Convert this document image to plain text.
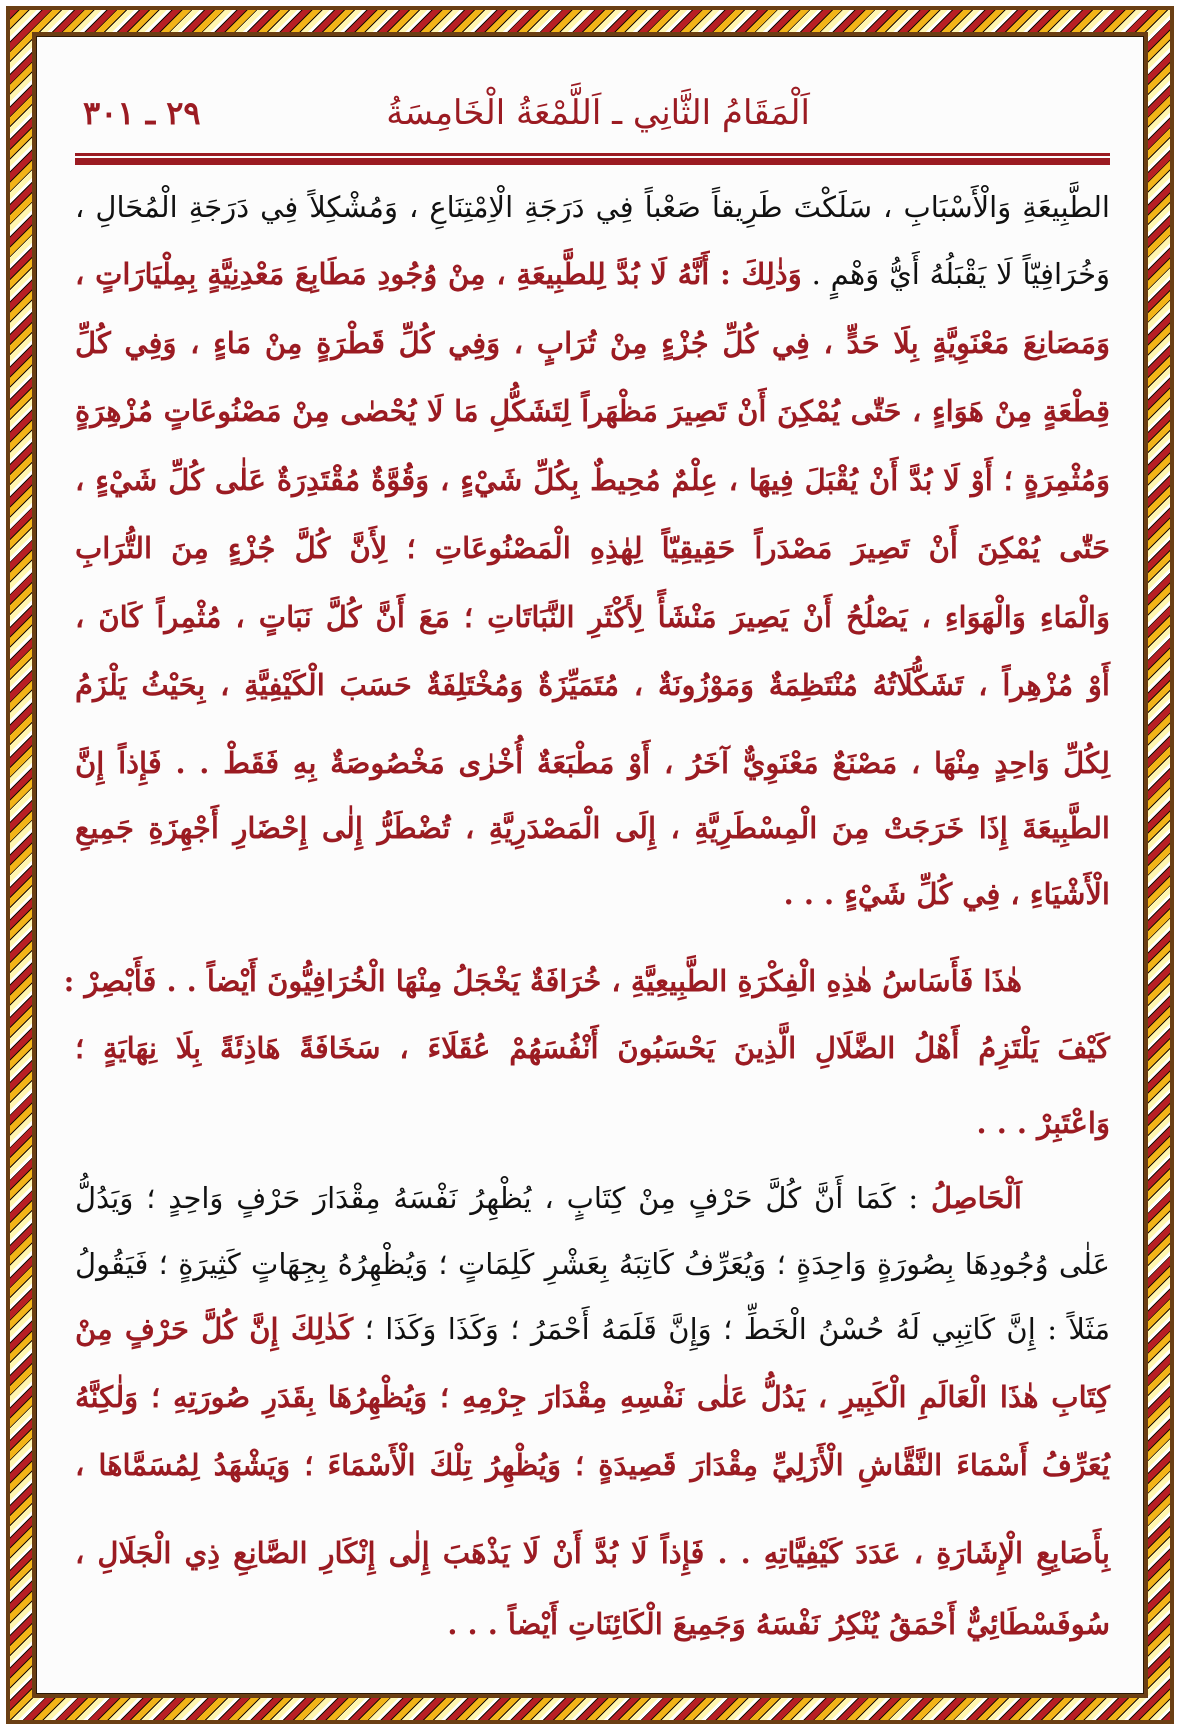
اَلْمَقَامُ الثَّانِي ـ اَللَّمْعَةُ الْخَامِسَةُ
٢٩ ـ ٣٠١
الطَّبِيعَةِ وَالْأَسْبَابِ ، سَلَكْتَ طَرِيقاً صَعْباً فِي دَرَجَةِ الْاِمْتِنَاعِ ، وَمُشْكِلاً فِي دَرَجَةِ الْمُحَالِ ،
وَخُرَافِيّاً لَا يَقْبَلُهُ أَيُّ وَهْمٍ . وَذٰلِكَ : أَنَّهُ لَا بُدَّ لِلطَّبِيعَةِ ، مِنْ وُجُودِ مَطَابِعَ مَعْدِنِيَّةٍ بِمِلْيَارَاتٍ ،
وَمَصَانِعَ مَعْنَوِيَّةٍ بِلَا حَدٍّ ، فِي كُلِّ جُزْءٍ مِنْ تُرَابٍ ، وَفِي كُلِّ قَطْرَةٍ مِنْ مَاءٍ ، وَفِي كُلِّ
قِطْعَةٍ مِنْ هَوَاءٍ ، حَتّٰى يُمْكِنَ أَنْ تَصِيرَ مَظْهَراً لِتَشَكُّلِ مَا لَا يُحْصٰى مِنْ مَصْنُوعَاتٍ مُزْهِرَةٍ
وَمُثْمِرَةٍ ؛ أَوْ لَا بُدَّ أَنْ يُقْبَلَ فِيهَا ، عِلْمٌ مُحِيطٌ بِكُلِّ شَيْءٍ ، وَقُوَّةٌ مُقْتَدِرَةٌ عَلٰى كُلِّ شَيْءٍ ،
حَتّٰى يُمْكِنَ أَنْ تَصِيرَ مَصْدَراً حَقِيقِيّاً لِهٰذِهِ الْمَصْنُوعَاتِ ؛ لِأَنَّ كُلَّ جُزْءٍ مِنَ التُّرَابِ
وَالْمَاءِ وَالْهَوَاءِ ، يَصْلُحُ أَنْ يَصِيرَ مَنْشَأً لِأَكْثَرِ النَّبَاتَاتِ ؛ مَعَ أَنَّ كُلَّ نَبَاتٍ ، مُثْمِراً كَانَ ،
أَوْ مُزْهِراً ، تَشَكُّلَاتُهُ مُنْتَظِمَةٌ وَمَوْزُونَةٌ ، مُتَمَيِّزَةٌ وَمُخْتَلِفَةٌ حَسَبَ الْكَيْفِيَّةِ ، بِحَيْثُ يَلْزَمُ
لِكُلِّ وَاحِدٍ مِنْهَا ، مَصْنَعٌ مَعْنَوِيٌّ آخَرُ ، أَوْ مَطْبَعَةٌ أُخْرٰى مَخْصُوصَةٌ بِهِ فَقَطْ . . فَإِذاً إِنَّ
الطَّبِيعَةَ إِذَا خَرَجَتْ مِنَ الْمِسْطَرِيَّةِ ، إِلَى الْمَصْدَرِيَّةِ ، تُضْطَرُّ إِلٰى إِحْضَارِ أَجْهِزَةِ جَمِيعِ
الْأَشْيَاءِ ، فِي كُلِّ شَيْءٍ . . .
هٰذَا فَأَسَاسُ هٰذِهِ الْفِكْرَةِ الطَّبِيعِيَّةِ ، خُرَافَةٌ يَخْجَلُ مِنْهَا الْخُرَافِيُّونَ أَيْضاً . . فَأَبْصِرْ :
كَيْفَ يَلْتَزِمُ أَهْلُ الضَّلَالِ الَّذِينَ يَحْسَبُونَ أَنْفُسَهُمْ عُقَلَاءَ ، سَخَافَةً هَاذِئَةً بِلَا نِهَايَةٍ ؛
وَاعْتَبِرْ . . .
اَلْحَاصِلُ : كَمَا أَنَّ كُلَّ حَرْفٍ مِنْ كِتَابٍ ، يُظْهِرُ نَفْسَهُ مِقْدَارَ حَرْفٍ وَاحِدٍ ؛ وَيَدُلُّ
عَلٰى وُجُودِهَا بِصُورَةٍ وَاحِدَةٍ ؛ وَيُعَرِّفُ كَاتِبَهُ بِعَشْرِ كَلِمَاتٍ ؛ وَيُظْهِرُهُ بِجِهَاتٍ كَثِيرَةٍ ؛ فَيَقُولُ
مَثَلاً : إِنَّ كَاتِبِي لَهُ حُسْنُ الْخَطِّ ؛ وَإِنَّ قَلَمَهُ أَحْمَرُ ؛ وَكَذَا وَكَذَا ؛ كَذٰلِكَ إِنَّ كُلَّ حَرْفٍ مِنْ
كِتَابِ هٰذَا الْعَالَمِ الْكَبِيرِ ، يَدُلُّ عَلٰى نَفْسِهِ مِقْدَارَ جِرْمِهِ ؛ وَيُظْهِرُهَا بِقَدَرِ صُورَتِهِ ؛ وَلٰكِنَّهُ
يُعَرِّفُ أَسْمَاءَ النَّقَّاشِ الْأَزَلِيِّ مِقْدَارَ قَصِيدَةٍ ؛ وَيُظْهِرُ تِلْكَ الْأَسْمَاءَ ؛ وَيَشْهَدُ لِمُسَمَّاهَا ،
بِأَصَابِعِ الْإِشَارَةِ ، عَدَدَ كَيْفِيَّاتِهِ . . فَإِذاً لَا بُدَّ أَنْ لَا يَذْهَبَ إِلٰى إِنْكَارِ الصَّانِعِ ذِي الْجَلَالِ ،
سُوفَسْطَائِيٌّ أَحْمَقُ يُنْكِرُ نَفْسَهُ وَجَمِيعَ الْكَائِنَاتِ أَيْضاً . . .
